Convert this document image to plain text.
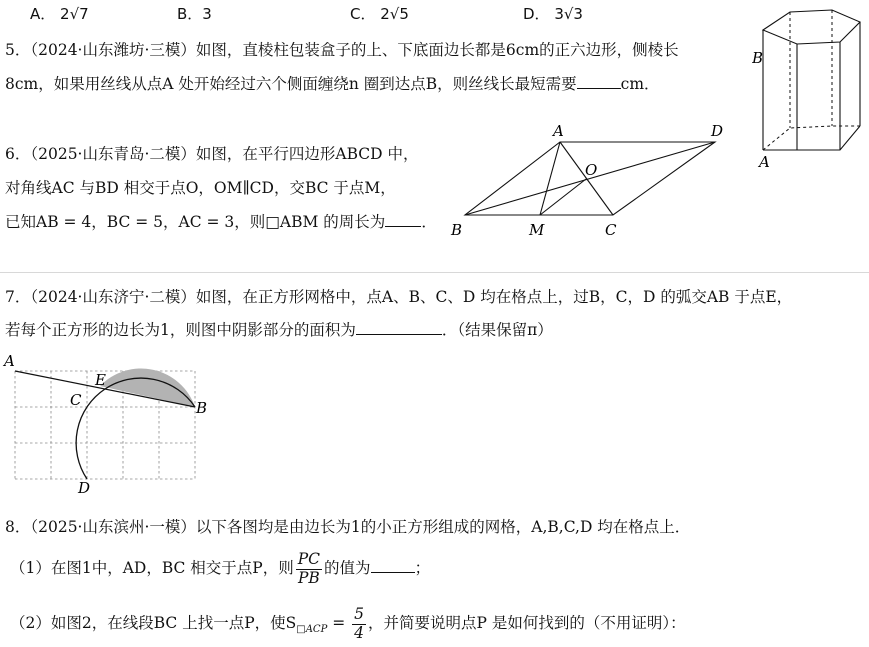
A． 2√7	B．3	C． 2√5	D． 3√3
5．（2024·山东潍坊·三模）如图，直棱柱包装盒子的上、下底面边长都是6cm的正六边形，侧棱长
8cm，如果用丝线从点A 处开始经过六个侧面缠绕n 圈到达点B，则丝线长最短需要	cm．
B
A
6．（2025·山东青岛·二模）如图，在平行四边形ABCD 中，
对角线AC 与BD 相交于点O，OM∥CD，交BC 于点M，
已知AB = 4，BC = 5，AC = 3，则□ABM 的周长为 ．
A	D
O
B	M	C
7．（2024·山东济宁·二模）如图，在正方形网格中，点A、B、C、D 均在格点上，过B，C，D 的弧交AB 于点E，
若每个正方形的边长为1，则图中阴影部分的面积为	．（结果保留π）
A
E
C	B
D
8．（2025·山东滨州·一模）以下各图均是由边长为1的小正方形组成的网格，A,B,C,D 均在格点上．
（1）在图1中，AD，BC 相交于点P，则 $\frac{PC}{PB}$ 的值为	；
（2）如图2，在线段BC 上找一点P，使$S_{□ACP} = \frac{5}{4}$ ，并简要说明点P 是如何找到的（不用证明）：
